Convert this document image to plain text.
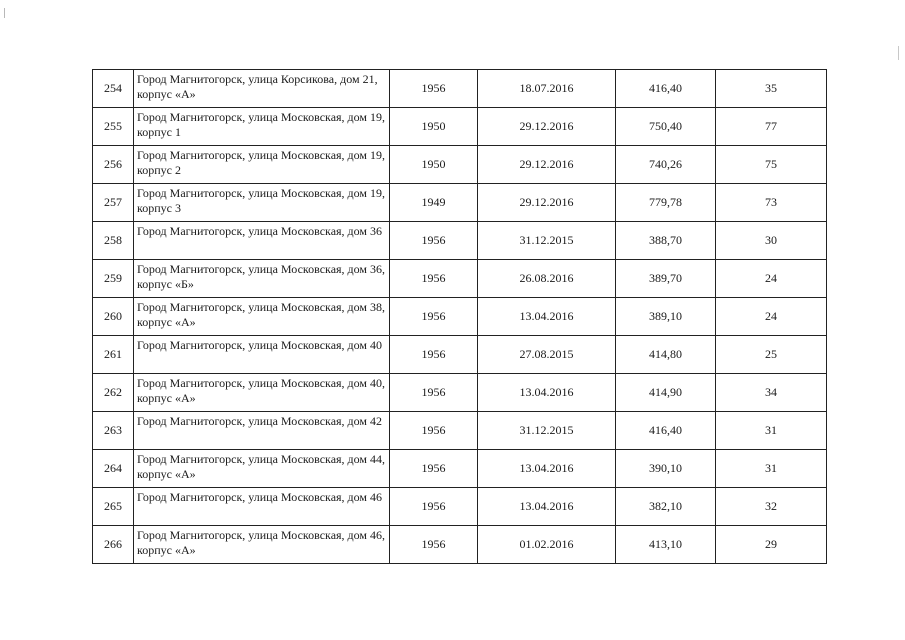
254	Город Магнитогорск, улица Корсикова, дом 21, корпус «А»	1956	18.07.2016	416,40	35
255	Город Магнитогорск, улица Московская, дом 19, корпус 1	1950	29.12.2016	750,40	77
256	Город Магнитогорск, улица Московская, дом 19, корпус 2	1950	29.12.2016	740,26	75
257	Город Магнитогорск, улица Московская, дом 19, корпус 3	1949	29.12.2016	779,78	73
258	Город Магнитогорск, улица Московская, дом 36	1956	31.12.2015	388,70	30
259	Город Магнитогорск, улица Московская, дом 36, корпус «Б»	1956	26.08.2016	389,70	24
260	Город Магнитогорск, улица Московская, дом 38, корпус «А»	1956	13.04.2016	389,10	24
261	Город Магнитогорск, улица Московская, дом 40	1956	27.08.2015	414,80	25
262	Город Магнитогорск, улица Московская, дом 40, корпус «А»	1956	13.04.2016	414,90	34
263	Город Магнитогорск, улица Московская, дом 42	1956	31.12.2015	416,40	31
264	Город Магнитогорск, улица Московская, дом 44, корпус «А»	1956	13.04.2016	390,10	31
265	Город Магнитогорск, улица Московская, дом 46	1956	13.04.2016	382,10	32
266	Город Магнитогорск, улица Московская, дом 46, корпус «А»	1956	01.02.2016	413,10	29
